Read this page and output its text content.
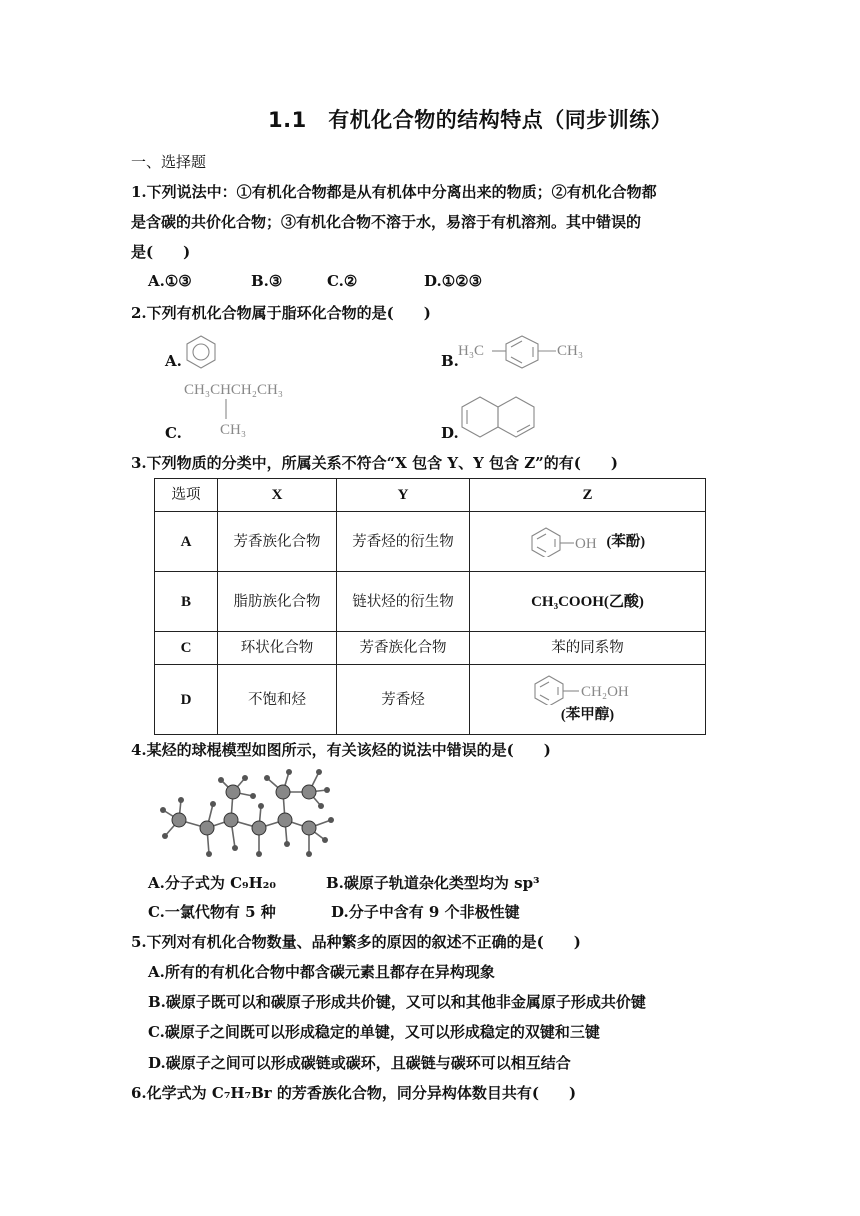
1.1　有机化合物的结构特点（同步训练）
一、选择题
1.下列说法中：①有机化合物都是从有机体中分离出来的物质；②有机化合物都
是含碳的共价化合物；③有机化合物不溶于水，易溶于有机溶剂。其中错误的
是(　　)
A.①③	B.③	C.②	D.①②③
2.下列有机化合物属于脂环化合物的是(　　)
A.	B.
H₃C	CH₃
C.
CH₃CHCH₂CH₃
CH₃	D.
3.下列物质的分类中，所属关系不符合“X 包含 Y、Y 包含 Z”的有(　　)
选项	X	Y	Z
A	芳香族化合物	芳香烃的衍生物	OH (苯酚)
B	脂肪族化合物	链状烃的衍生物	CH₃COOH(乙酸)
C	环状化合物	芳香族化合物	苯的同系物
D	不饱和烃	芳香烃	CH₂OH
(苯甲醇)
4.某烃的球棍模型如图所示，有关该烃的说法中错误的是(　　)
A.分子式为 C₉H₂₀	B.碳原子轨道杂化类型均为 sp³
C.一氯代物有 5 种	D.分子中含有 9 个非极性键
5.下列对有机化合物数量、品种繁多的原因的叙述不正确的是(　　)
A.所有的有机化合物中都含碳元素且都存在异构现象
B.碳原子既可以和碳原子形成共价键，又可以和其他非金属原子形成共价键
C.碳原子之间既可以形成稳定的单键，又可以形成稳定的双键和三键
D.碳原子之间可以形成碳链或碳环，且碳链与碳环可以相互结合
6.化学式为 C₇H₇Br 的芳香族化合物，同分异构体数目共有(　　)
